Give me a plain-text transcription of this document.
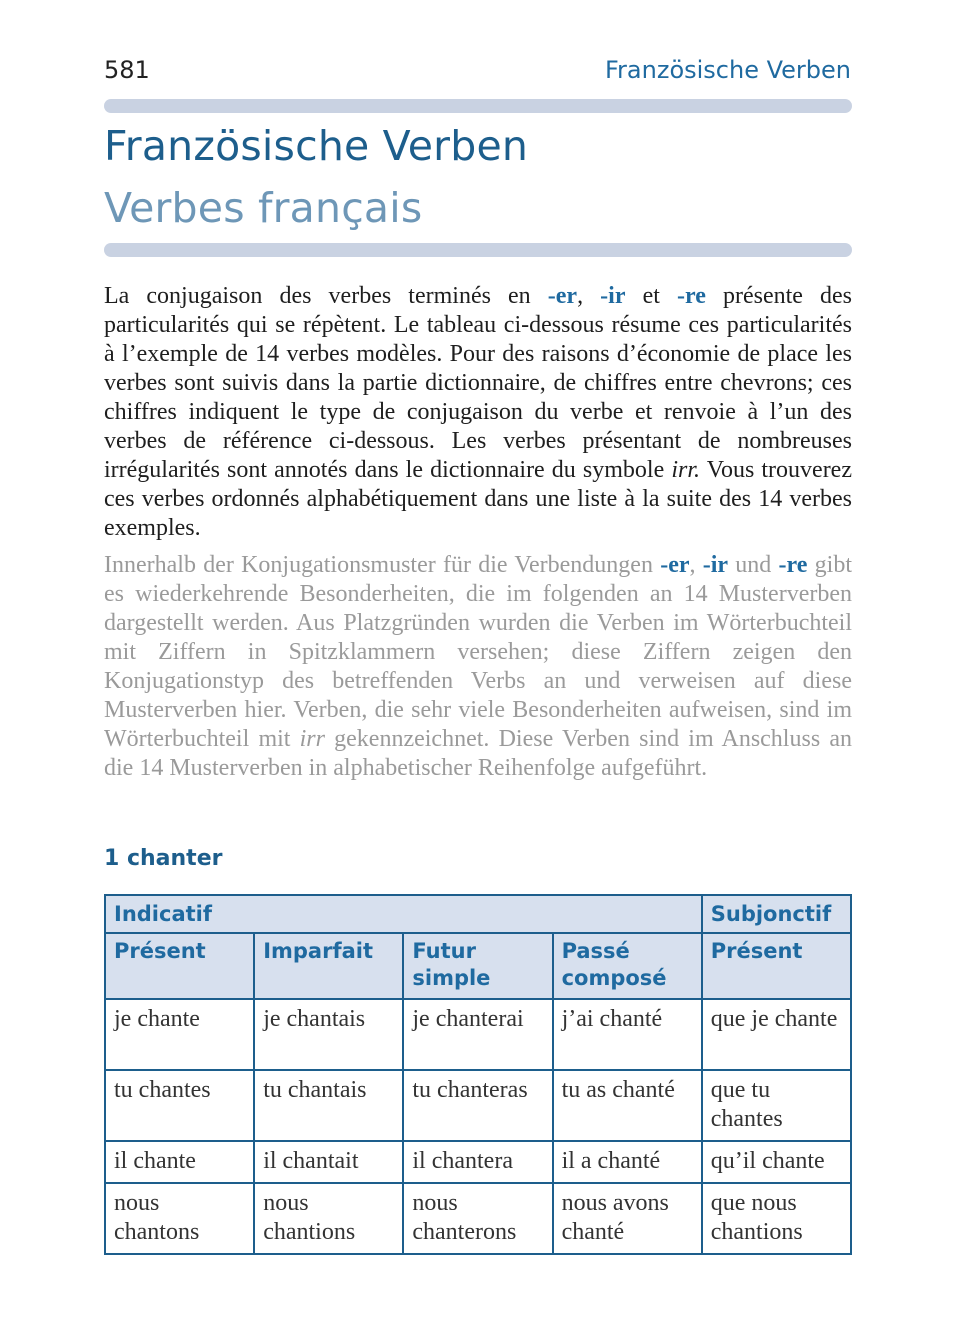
581	Französische Verben
Französische Verben
Verbes français
La conjugaison des verbes terminés en -er, -ir et -re présente des particularités qui se répètent. Le tableau ci-dessous résume ces particularités à l’exemple de 14 verbes modèles. Pour des raisons d’économie de place les verbes sont suivis dans la partie dictionnaire, de chiffres entre chevrons; ces chiffres indiquent le type de conjugaison du verbe et renvoie à l’un des verbes de référence ci-dessous. Les verbes présentant de nombreuses irrégularités sont annotés dans le dictionnaire du symbole irr. Vous trouverez ces verbes ordonnés alphabétiquement dans une liste à la suite des 14 verbes exemples.
Innerhalb der Konjugationsmuster für die Verbendungen -er, -ir und -re gibt es wiederkehrende Besonderheiten, die im folgenden an 14 Musterverben dargestellt werden. Aus Platzgründen wurden die Verben im Wörterbuchteil mit Ziffern in Spitzklammern versehen; diese Ziffern zeigen den Konjugationstyp des betreffenden Verbs an und verweisen auf diese Musterverben hier. Verben, die sehr viele Besonderheiten aufweisen, sind im Wörterbuchteil mit irr gekennzeichnet. Diese Verben sind im Anschluss an die 14 Musterverben in alphabetischer Reihenfolge aufgeführt.
1 chanter
Indicatif				Subjonctif
Présent	Imparfait	Futur simple	Passé composé	Présent
je chante	je chantais	je chanterai	j’ai chanté	que je chante
tu chantes	tu chantais	tu chanteras	tu as chanté	que tu chantes
il chante	il chantait	il chantera	il a chanté	qu’il chante
nous chantons	nous chantions	nous chanterons	nous avons chanté	que nous chantions
